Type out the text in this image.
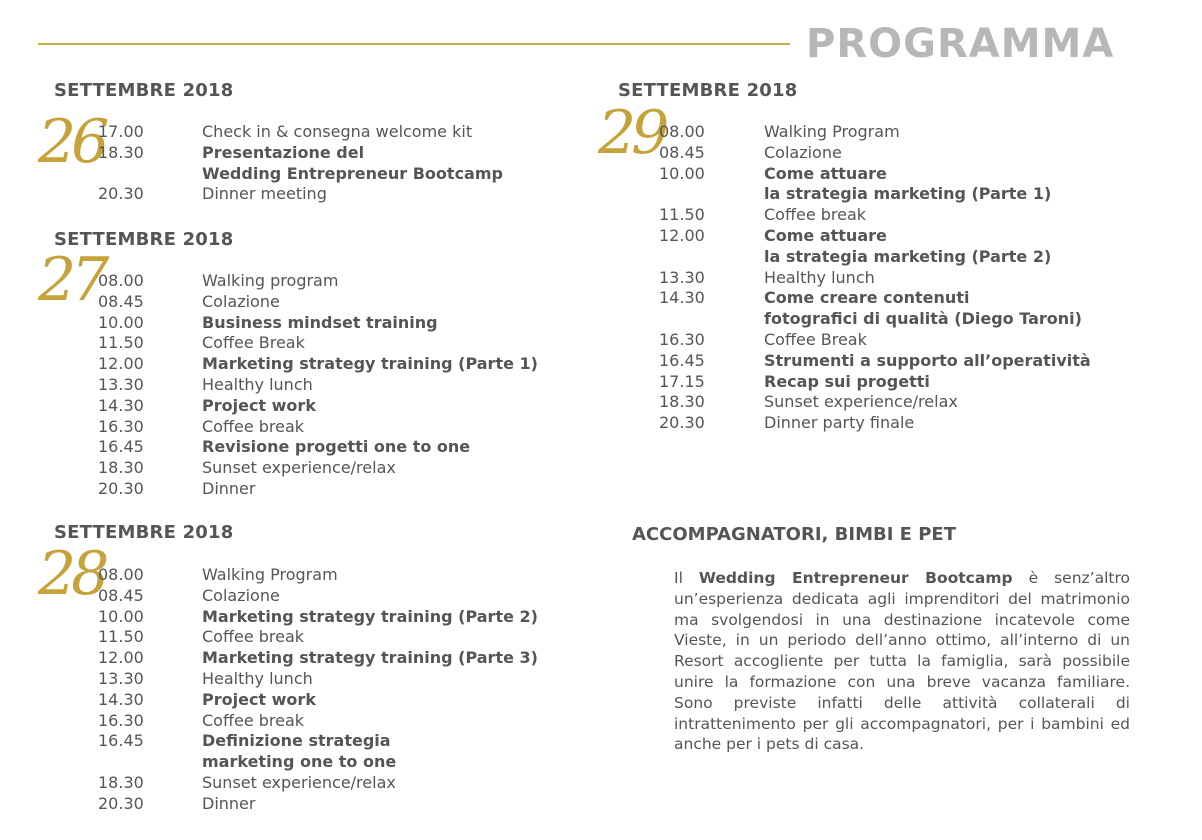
PROGRAMMA
SETTEMBRE 2018
26
17.00	Check in & consegna welcome kit
18.30	Presentazione del
Wedding Entrepreneur Bootcamp
20.30	Dinner meeting
SETTEMBRE 2018
27
08.00	Walking program
08.45	Colazione
10.00	Business mindset training
11.50	Coffee Break
12.00	Marketing strategy training (Parte 1)
13.30	Healthy lunch
14.30	Project work
16.30	Coffee break
16.45	Revisione progetti one to one
18.30	Sunset experience/relax
20.30	Dinner
SETTEMBRE 2018
28
08.00	Walking Program
08.45	Colazione
10.00	Marketing strategy training (Parte 2)
11.50	Coffee break
12.00	Marketing strategy training (Parte 3)
13.30	Healthy lunch
14.30	Project work
16.30	Coffee break
16.45	Definizione strategia
marketing one to one
18.30	Sunset experience/relax
20.30	Dinner
SETTEMBRE 2018
29
08.00	Walking Program
08.45	Colazione
10.00	Come attuare
la strategia marketing (Parte 1)
11.50	Coffee break
12.00	Come attuare
la strategia marketing (Parte 2)
13.30	Healthy lunch
14.30	Come creare contenuti
fotografici di qualità (Diego Taroni)
16.30	Coffee Break
16.45	Strumenti a supporto all’operatività
17.15	Recap sui progetti
18.30	Sunset experience/relax
20.30	Dinner party finale
ACCOMPAGNATORI, BIMBI E PET
Il Wedding Entrepreneur Bootcamp è senz’altro un’esperienza dedicata agli imprenditori del matrimonio ma svolgendosi in una destinazione incatevole come Vieste, in un periodo dell’anno ottimo, all’interno di un Resort accogliente per tutta la famiglia, sarà possibile unire la formazione con una breve vacanza familiare. Sono previste infatti delle attività collaterali di intrattenimento per gli accompagnatori, per i bambini ed anche per i pets di casa.
